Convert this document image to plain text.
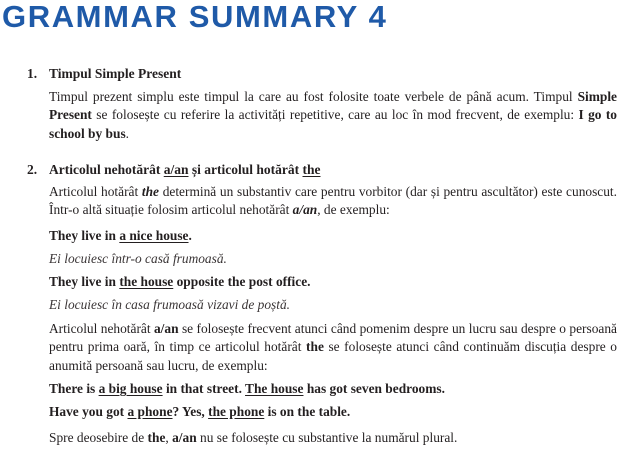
GRAMMAR SUMMARY 4
1. Timpul Simple Present

Timpul prezent simplu este timpul la care au fost folosite toate verbele de până acum. Timpul Simple Present se folosește cu referire la activități repetitive, care au loc în mod frecvent, de exemplu: I go to school by bus.

2. Articolul nehotărât a/an și articolul hotărât the

Articolul hotărât the determină un substantiv care pentru vorbitor (dar și pentru ascultător) este cunoscut. Într-o altă situație folosim articolul nehotărât a/an, de exemplu:

They live in a nice house.

Ei locuiesc într-o casă frumoasă.

They live in the house opposite the post office.

Ei locuiesc în casa frumoasă vizavi de poștă.

Articolul nehotărât a/an se folosește frecvent atunci când pomenim despre un lucru sau despre o persoană pentru prima oară, în timp ce articolul hotărât the se folosește atunci când continuăm discuția despre o anumită persoană sau lucru, de exemplu:

There is a big house in that street. The house has got seven bedrooms.

Have you got a phone? Yes, the phone is on the table.

Spre deosebire de the, a/an nu se folosește cu substantive la numărul plural.
